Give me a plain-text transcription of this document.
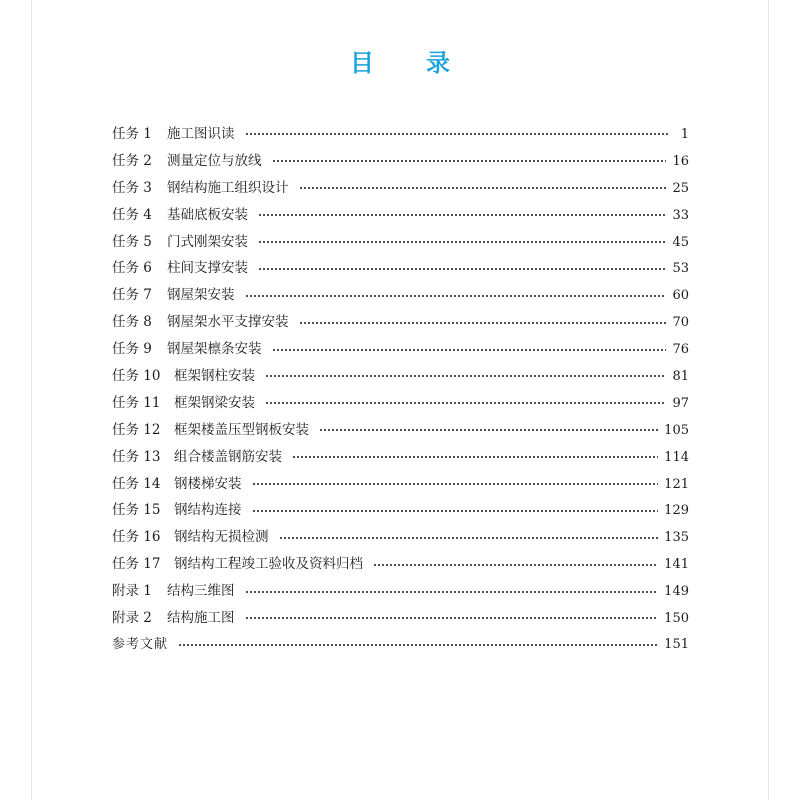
目 录
任务 1	施工图识读	1
任务 2	测量定位与放线	16
任务 3	钢结构施工组织设计	25
任务 4	基础底板安装	33
任务 5	门式刚架安装	45
任务 6	柱间支撑安装	53
任务 7	钢屋架安装	60
任务 8	钢屋架水平支撑安装	70
任务 9	钢屋架檩条安装	76
任务 10	框架钢柱安装	81
任务 11	框架钢梁安装	97
任务 12	框架楼盖压型钢板安装	105
任务 13	组合楼盖钢筋安装	114
任务 14	钢楼梯安装	121
任务 15	钢结构连接	129
任务 16	钢结构无损检测	135
任务 17	钢结构工程竣工验收及资料归档	141
附录 1	结构三维图	149
附录 2	结构施工图	150
参考文献	151
